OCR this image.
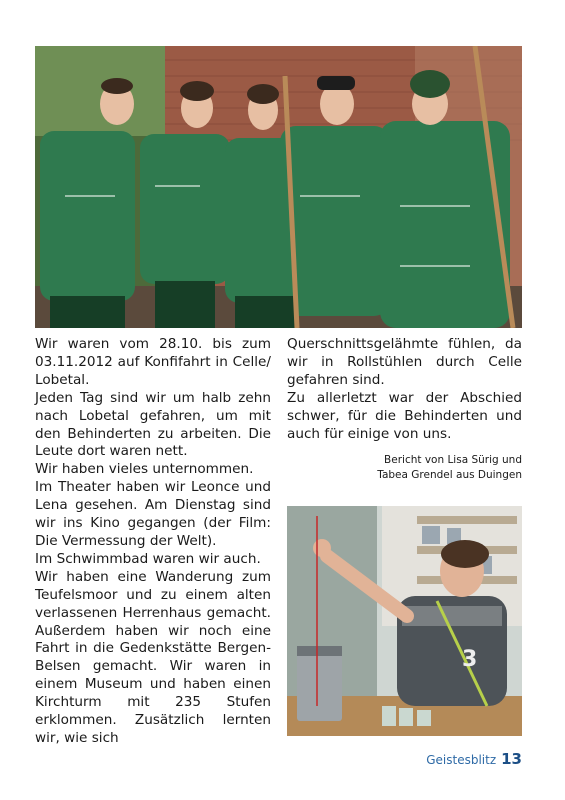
Wir waren vom 28.10. bis zum 03.11.2012 auf Konfifahrt in Celle/ Lobetal.

Jeden Tag sind wir um halb zehn nach Lobetal gefahren, um mit den Behinderten zu arbeiten. Die Leute dort waren nett.

Wir haben vieles unternommen.

Im Theater haben wir Leonce und Lena gesehen. Am Dienstag sind wir ins Kino gegangen (der Film: Die Vermessung der Welt).

Im Schwimmbad waren wir auch.

Wir haben eine Wanderung zum Teufelsmoor und zu einem alten verlassenen Herrenhaus gemacht. Außerdem haben wir noch eine Fahrt in die Gedenkstätte Bergen-Belsen gemacht. Wir waren in einem Museum und haben einen Kirchturm mit 235 Stufen erklommen. Zusätzlich lernten wir, wie sich

Querschnittsgelähmte fühlen, da wir in Rollstühlen durch Celle gefahren sind.

Zu allerletzt war der Abschied schwer, für die Behinderten und auch für einige von uns.

Bericht von Lisa Sürig und
Tabea Grendel aus Duingen

3
Geistesblitz 13
